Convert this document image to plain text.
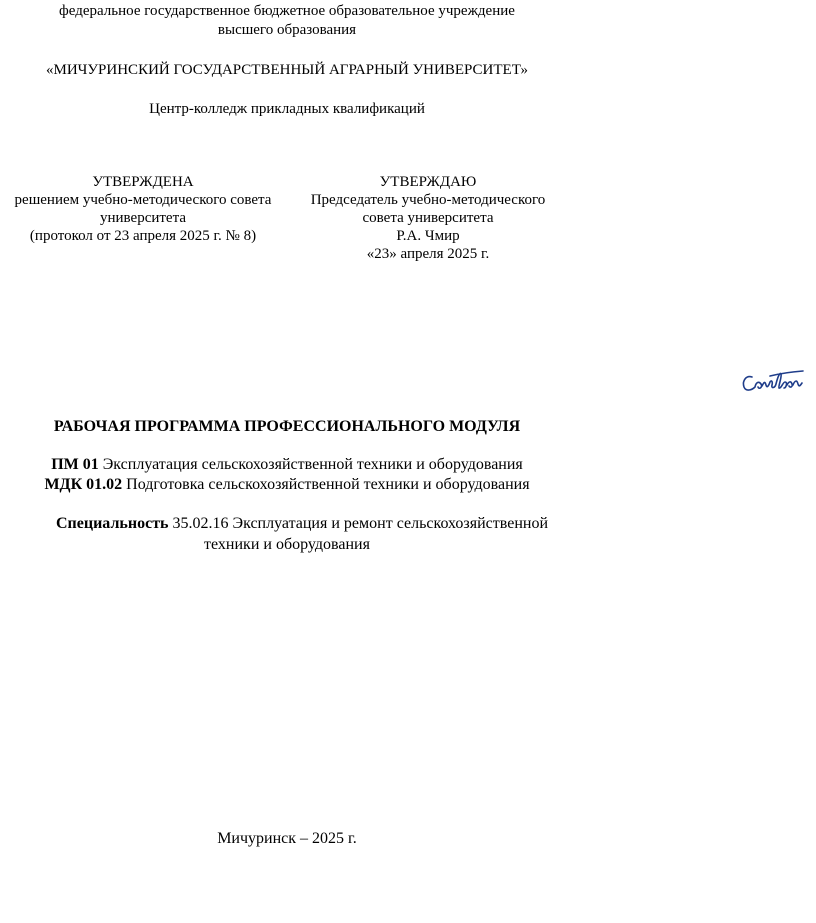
федеральное государственное бюджетное образовательное учреждение
высшего образования
«МИЧУРИНСКИЙ ГОСУДАРСТВЕННЫЙ АГРАРНЫЙ УНИВЕРСИТЕТ»
Центр-колледж прикладных квалификаций
УТВЕРЖДЕНА
решением учебно-методического совета
университета
(протокол от 23 апреля 2025 г. № 8)
УТВЕРЖДАЮ
Председатель учебно-методического
совета университета
Р.А. Чмир
«23» апреля 2025 г.
РАБОЧАЯ ПРОГРАММА ПРОФЕССИОНАЛЬНОГО МОДУЛЯ
ПМ 01 Эксплуатация сельскохозяйственной техники и оборудования
МДК 01.02 Подготовка сельскохозяйственной техники и оборудования
Специальность 35.02.16 Эксплуатация и ремонт сельскохозяйственной
техники и оборудования
Мичуринск – 2025 г.
